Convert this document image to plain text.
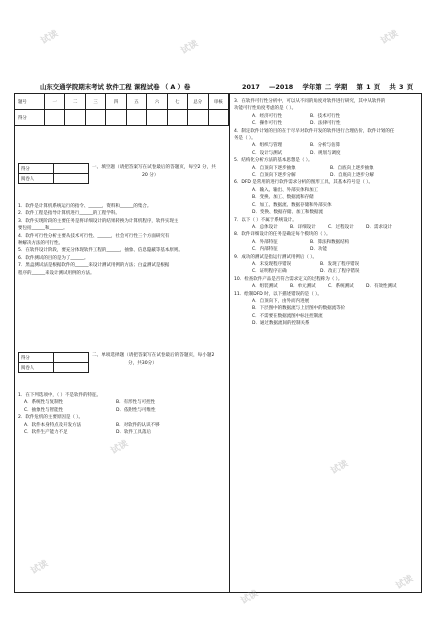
山东交通学院期末考试 软件工程 课程试卷 （ A ）卷	2017 —2018 学年第 二 学期 第 1 页 共 3 页
题号	一	二	三	四	五	六	七	总分	审核
得分									
得分	
阅卷人	
一、填空题（请把答案写在试卷最后的答题页，每空2 分，共
20 分）
1．软件是计算机系统运行的指令、______，资料和______的集合。
2．软件工程是指导计算机进行______的工程学科。
3．软件实现阶段的主要任务是将详细设计的结果转换为计算机程序，软件实现主
要包括______和______。
4．软件可行性分析主要从技术可行性、______，社会可行性三个方面研究有
种解决方法的可行性。
5．在软件设计阶段，要充分体现软件工程的______，抽象、信息隐蔽等基本原则。
6．软件测试的目的是为了______。
7．黑盒测试法是根据软件的______来设计测试用例的方法；白盒测试是根据
程序的______来设计测试用例的方法。
得分	
阅卷人	
二、单项选择题（请把答案写在试卷最后的答题页，每小题2
分，共30分）
1．在下列选项中，（ ）不是软件的特征。
A．系统性与复制性	B．有形性与可控性
C．抽象性与智能性	D．依附性与可维性
2．软件危机的主要原因是（ ）。
A．软件本身特点及开发方法	B．对软件的认识不够
C．软件生产能力不足	D．软件工具落后
3．在软件可行性分析中，可以从不同的角度对软件进行研究，其中从软件的
功能可行性角度考虑的是（ ）。
A．经济可行性	B．技术可行性
C．操作可行性	D．法律可行性
4．制定软件计划的目的在于尽早对软件开发的软件进行合理估价，软件计划的任
务是（ ）。
A．组织与管理	B．分析与估算
C．设计与测试	D．规划与调度
5．结构化分析方法的基本思想是（ ）。
A．自顶向下逐步抽象	B．自底向上逐步抽象
C．自顶向下逐步分解	D．自底向上逐步分解
6．DFD 是常用的进行软件需求分析的图形工具，其基本符号是（ ）。
A．输入、输出、外部实体和加工
B．变换、加工、数据流和存储
C．加工、数据流、数据存储和外部实体
D．变换、数据存储、加工和数据流
7．以下（ ）不属于系统设计。
A．总体设计	B．详细设计	C．过程设计	D．需求设计
8．软件详细设计的任务是确定每个模块的（ ）。
A．外部特征	B．算法和数据结构
C．内部特征	D．功能
9．成功的测试是指运行测试用例后（ ）。
A．未发现程序错误	B．发现了程序错误
C．证明程序正确	D．改正了程序错误
10．检查软件产品是否符合需求定义的过程称为（ ）。
A．组装测试	B．单元测试	C．系统测试	D．有效性测试
11．绘制DFD 时，以下描述错误的是（ ）。
A．自顶向下，由外而内进展
B．下层图中的数据流与上层图中的数据流等价
C．不需要在数据流图中标注控制流
D．通过数据流间的控制关系
试读
试读
试读
试读
试读
试读
试读
试读
